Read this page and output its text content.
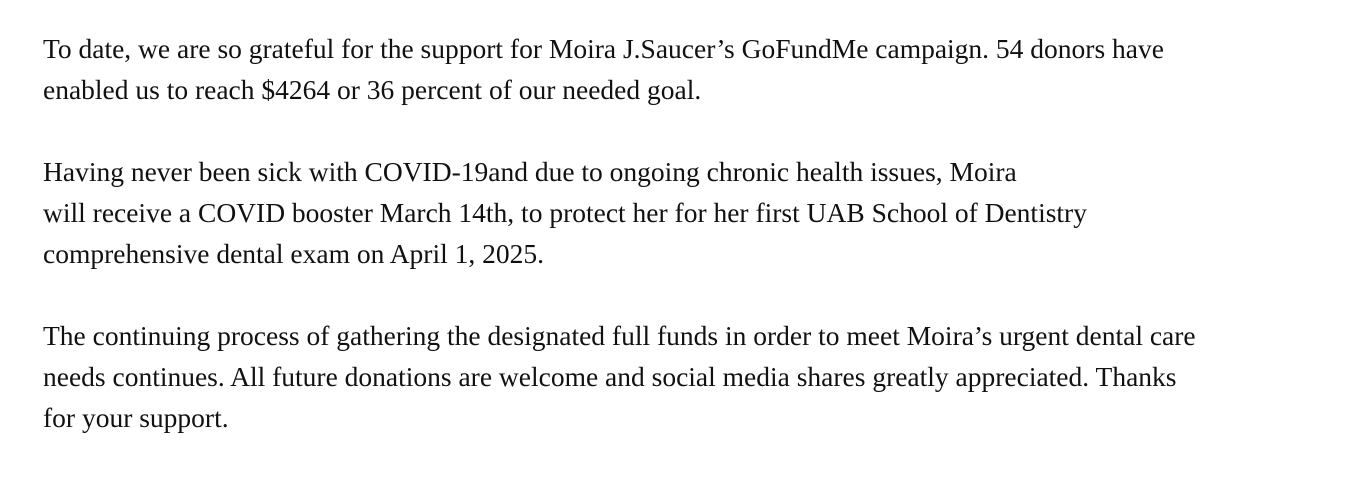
To date, we are so grateful for the support for Moira J.Saucer’s GoFundMe campaign. 54 donors have
enabled us to reach $4264 or 36 percent of our needed goal.

Having never been sick with COVID-19and due to ongoing chronic health issues, Moira
will receive a COVID booster March 14th, to protect her for her first UAB School of Dentistry
comprehensive dental exam on April 1, 2025.

The continuing process of gathering the designated full funds in order to meet Moira’s urgent dental care
needs continues. All future donations are welcome and social media shares greatly appreciated. Thanks
for your support.
